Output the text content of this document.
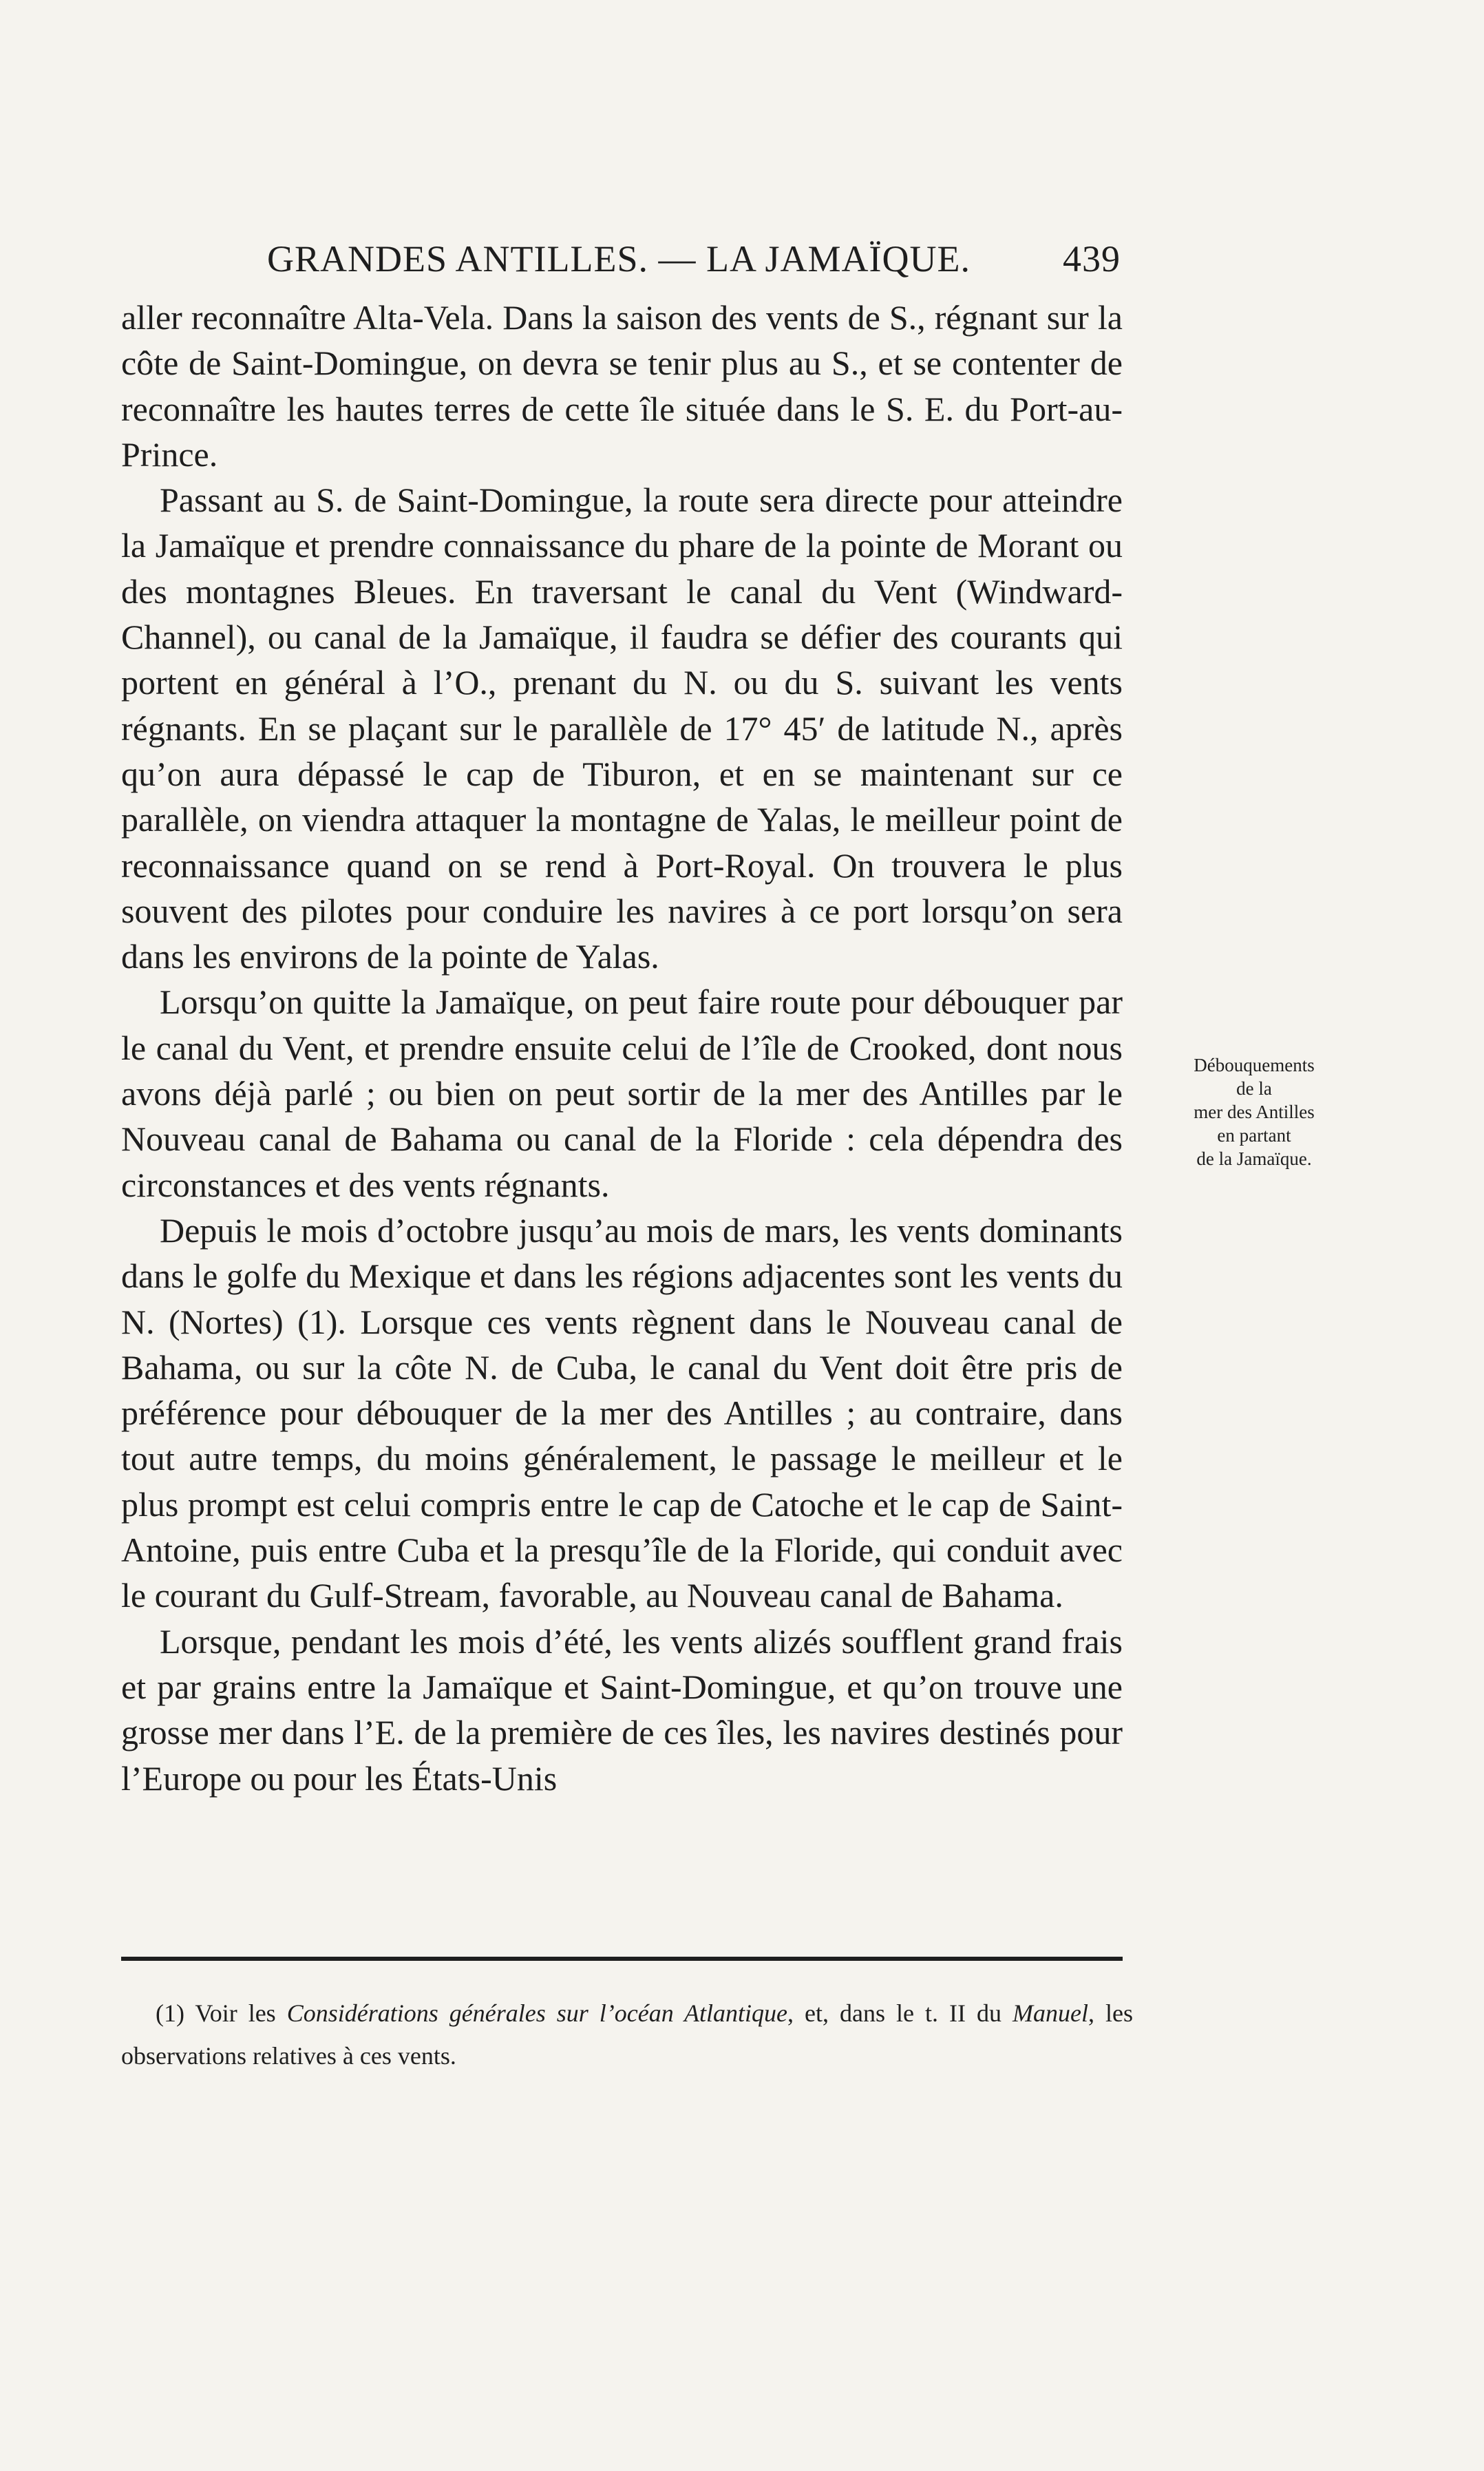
GRANDES ANTILLES. — LA JAMAÏQUE. 439

aller reconnaître Alta-Vela. Dans la saison des vents de S., régnant sur la côte de Saint-Domingue, on devra se tenir plus au S., et se contenter de reconnaître les hautes terres de cette île située dans le S. E. du Port-au-Prince.

Passant au S. de Saint-Domingue, la route sera directe pour atteindre la Jamaïque et prendre connaissance du phare de la pointe de Morant ou des montagnes Bleues. En traversant le canal du Vent (Windward-Channel), ou canal de la Jamaïque, il faudra se défier des courants qui portent en général à l’O., prenant du N. ou du S. suivant les vents régnants. En se plaçant sur le parallèle de 17° 45′ de latitude N., après qu’on aura dépassé le cap de Tiburon, et en se maintenant sur ce parallèle, on viendra attaquer la montagne de Yalas, le meilleur point de reconnaissance quand on se rend à Port-Royal. On trouvera le plus souvent des pilotes pour conduire les navires à ce port lorsqu’on sera dans les environs de la pointe de Yalas.

Lorsqu’on quitte la Jamaïque, on peut faire route pour débouquer par le canal du Vent, et prendre ensuite celui de l’île de Crooked, dont nous avons déjà parlé ; ou bien on peut sortir de la mer des Antilles par le Nouveau canal de Bahama ou canal de la Floride : cela dépendra des circonstances et des vents régnants.

Depuis le mois d’octobre jusqu’au mois de mars, les vents dominants dans le golfe du Mexique et dans les régions adjacentes sont les vents du N. (Nortes) (1). Lorsque ces vents règnent dans le Nouveau canal de Bahama, ou sur la côte N. de Cuba, le canal du Vent doit être pris de préférence pour débouquer de la mer des Antilles ; au contraire, dans tout autre temps, du moins généralement, le passage le meilleur et le plus prompt est celui compris entre le cap de Catoche et le cap de Saint-Antoine, puis entre Cuba et la presqu’île de la Floride, qui conduit avec le courant du Gulf-Stream, favorable, au Nouveau canal de Bahama.

Lorsque, pendant les mois d’été, les vents alizés soufflent grand frais et par grains entre la Jamaïque et Saint-Domingue, et qu’on trouve une grosse mer dans l’E. de la première de ces îles, les navires destinés pour l’Europe ou pour les États-Unis

Débouquements
de la
mer des Antilles
en partant
de la Jamaïque.
(1) Voir les Considérations générales sur l’océan Atlantique, et, dans le t. II du Manuel, les observations relatives à ces vents.
